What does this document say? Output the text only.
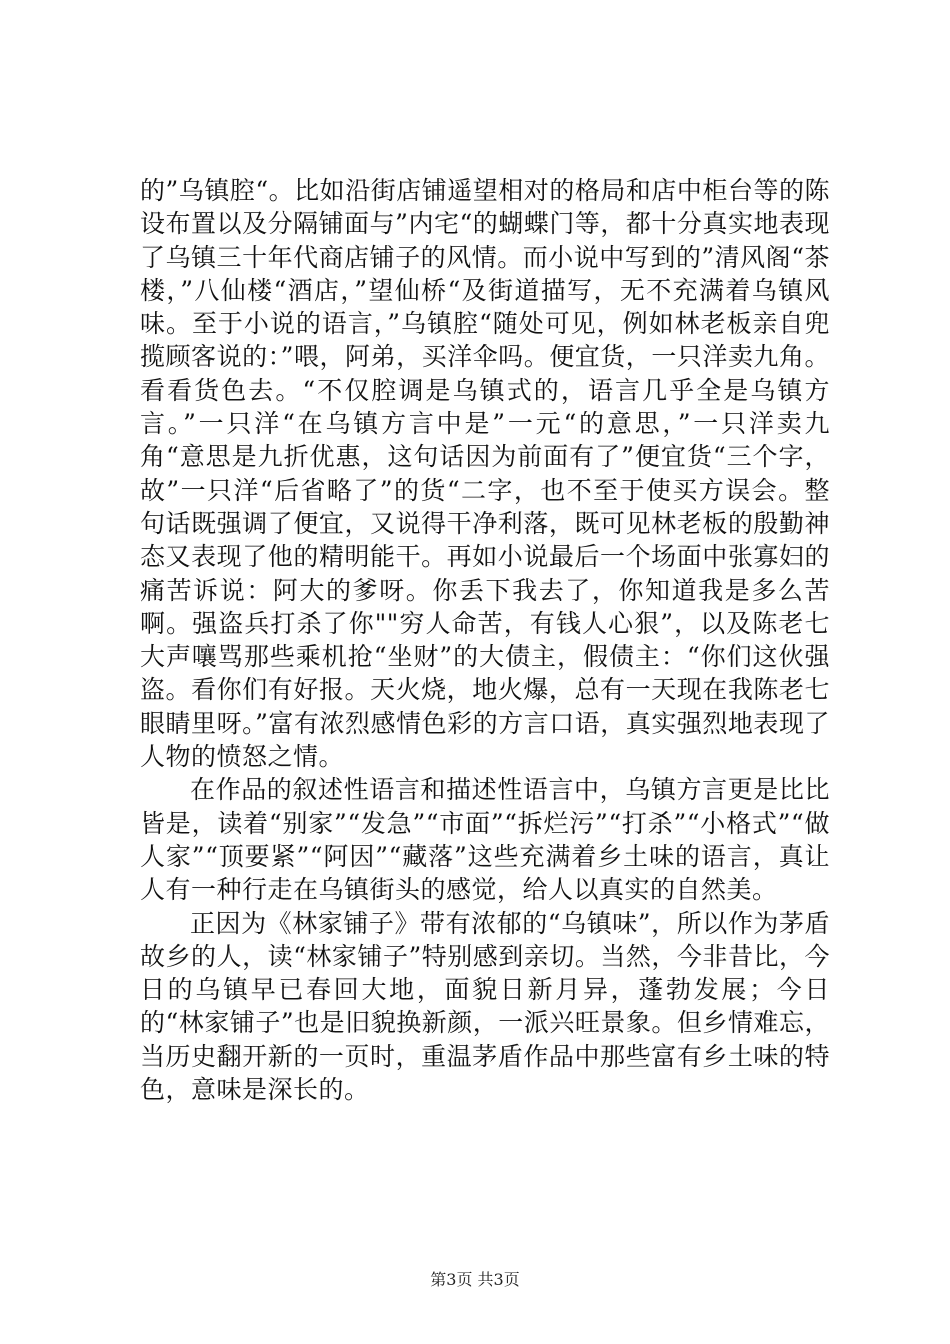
的”乌镇腔“。比如沿街店铺遥望相对的格局和店中柜台等的陈设布置以及分隔铺面与”内宅“的蝴蝶门等，都十分真实地表现了乌镇三十年代商店铺子的风情。而小说中写到的”清风阁“茶楼，”八仙楼“酒店，”望仙桥“及街道描写，无不充满着乌镇风味。至于小说的语言，”乌镇腔“随处可见，例如林老板亲自兜揽顾客说的：”喂，阿弟，买洋伞吗。便宜货，一只洋卖九角。看看货色去。“不仅腔调是乌镇式的，语言几乎全是乌镇方言。”一只洋“在乌镇方言中是”一元“的意思，”一只洋卖九角“意思是九折优惠，这句话因为前面有了”便宜货“三个字，故”一只洋“后省略了”的货“二字，也不至于使买方误会。整句话既强调了便宜，又说得干净利落，既可见林老板的殷勤神态又表现了他的精明能干。再如小说最后一个场面中张寡妇的痛苦诉说：阿大的爹呀。你丢下我去了，你知道我是多么苦啊。强盗兵打杀了你""穷人命苦，有钱人心狠”，以及陈老七大声嚷骂那些乘机抢“坐财”的大债主，假债主：“你们这伙强盗。看你们有好报。天火烧，地火爆，总有一天现在我陈老七眼睛里呀。”富有浓烈感情色彩的方言口语，真实强烈地表现了人物的愤怒之情。

在作品的叙述性语言和描述性语言中，乌镇方言更是比比皆是，读着“别家”“发急”“市面”“拆烂污”“打杀”“小格式”“做人家”“顶要紧”“阿因”“藏落”这些充满着乡土味的语言，真让人有一种行走在乌镇街头的感觉，给人以真实的自然美。

正因为《林家铺子》带有浓郁的“乌镇味”，所以作为茅盾故乡的人，读“林家铺子”特别感到亲切。当然，今非昔比，今日的乌镇早已春回大地，面貌日新月异，蓬勃发展；今日的“林家铺子”也是旧貌换新颜，一派兴旺景象。但乡情难忘，当历史翻开新的一页时，重温茅盾作品中那些富有乡土味的特色，意味是深长的。

第3页 共3页
